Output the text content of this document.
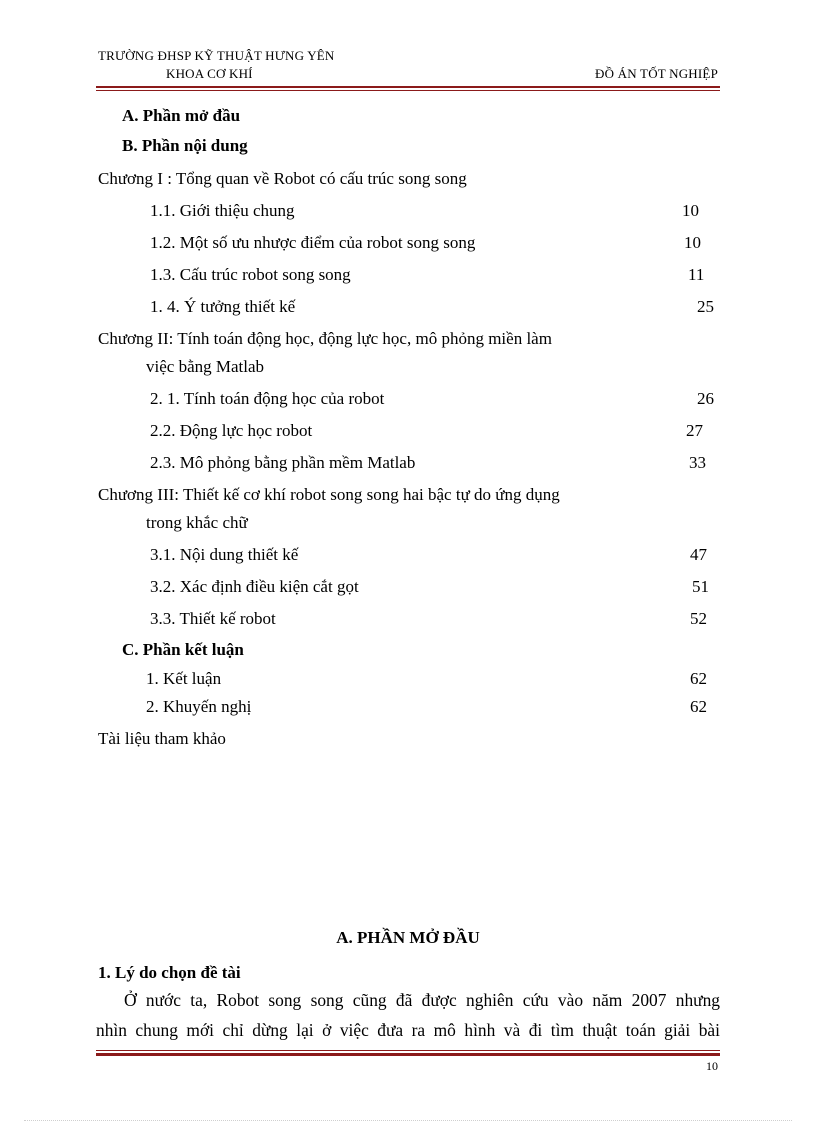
TRƯỜNG ĐHSP KỸ THUẬT HƯNG YÊN
KHOA CƠ KHÍ	ĐỒ ÁN TỐT NGHIỆP
A. Phần mở đầu
B. Phần nội dung
Chương I : Tổng quan về Robot có cấu trúc song song
1.1. Giới thiệu chung	10
1.2. Một số ưu nhược điểm của robot song song	10
1.3. Cấu trúc robot song song	11
1. 4. Ý tưởng thiết kế	25
Chương II: Tính toán động học, động lực học, mô phỏng miền làm
việc bằng Matlab
2. 1. Tính toán động học của robot	26
2.2. Động lực học robot	27
2.3. Mô phỏng bằng phần mềm Matlab	33
Chương III: Thiết kế cơ khí robot song song hai bậc tự do ứng dụng
trong khắc chữ
3.1. Nội dung thiết kế	47
3.2. Xác định điều kiện cắt gọt	51
3.3. Thiết kế robot	52
C. Phần kết luận
1. Kết luận	62
2. Khuyến nghị	62
Tài liệu tham khảo
A. PHẦN MỞ ĐẦU
1. Lý do chọn đề tài
Ở nước ta, Robot song song cũng đã được nghiên cứu vào năm 2007 nhưng
nhìn chung mới chỉ dừng lại ở việc đưa ra mô hình và đi tìm thuật toán giải bài
10
